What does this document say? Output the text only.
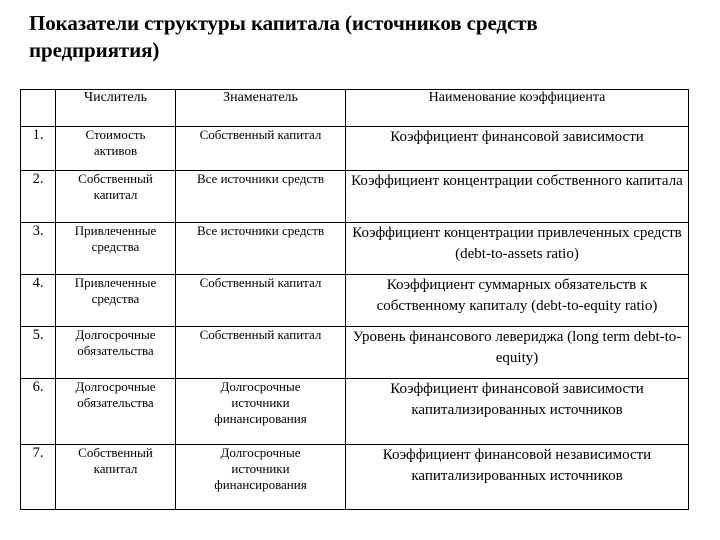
Показатели структуры капитала (источников средств
предприятия)
	Числитель	Знаменатель	Наименование коэффициента
1.	Стоимость активов	Собственный капитал	Коэффициент финансовой зависимости
2.	Собственный капитал	Все источники средств	Коэффициент концентрации собственного капитала
3.	Привлеченные средства	Все источники средств	Коэффициент концентрации привлеченных средств (debt-to-assets ratio)
4.	Привлеченные средства	Собственный капитал	Коэффициент суммарных обязательств к собственному капиталу (debt-to-equity ratio)
5.	Долгосрочные обязательства	Собственный капитал	Уровень финансового левериджа (long term debt-to-equity)
6.	Долгосрочные обязательства	Долгосрочные источники финансирования	Коэффициент финансовой зависимости капитализированных источников
7.	Собственный капитал	Долгосрочные источники финансирования	Коэффициент финансовой независимости капитализированных источников
